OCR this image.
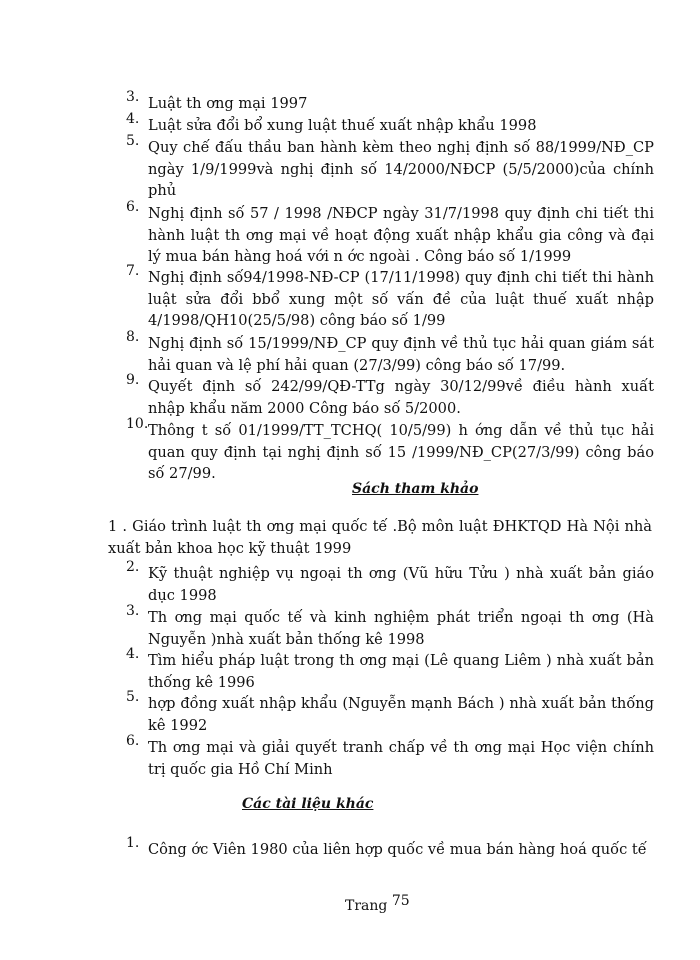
3. Luật th ơng mại 1997
4. Luật sửa đổi bổ xung luật thuế xuất nhập khẩu 1998
5. Quy chế đấu thầu ban hành kèm theo nghị định số 88/1999/NĐ_CP ngày 1/9/1999và nghị định số 14/2000/NĐCP (5/5/2000)của chính phủ
6. Nghị định số 57 / 1998 /NĐCP ngày 31/7/1998 quy định chi tiết thi hành luật th ơng mại về hoạt động xuất nhập khẩu gia công và đại lý mua bán hàng hoá với n ớc ngoài . Công báo số 1/1999
7. Nghị định số94/1998-NĐ-CP (17/11/1998) quy định chi tiết thi hành luật sửa đổi bbổ xung một số vấn đề của luật thuế xuất nhập 4/1998/QH10(25/5/98) công báo số 1/99
8. Nghị định số 15/1999/NĐ_CP quy định về thủ tục hải quan giám sát hải quan và lệ phí hải quan (27/3/99) công báo số 17/99.
9. Quyết định số 242/99/QĐ-TTg ngày 30/12/99về điều hành xuất nhập khẩu năm 2000 Công báo số 5/2000.
10. Thông t số 01/1999/TT_TCHQ( 10/5/99) h ớng dẫn về thủ tục hải quan quy định tại nghị định số 15 /1999/NĐ_CP(27/3/99) công báo số 27/99.
Sách tham khảo
1 . Giáo trình luật th ơng mại quốc tế .Bộ môn luật ĐHKTQD Hà Nội nhà xuất bản khoa học kỹ thuật 1999
2. Kỹ thuật nghiệp vụ ngoại th ơng (Vũ hữu Tửu ) nhà xuất bản giáo dục 1998
3. Th ơng mại quốc tế và kinh nghiệm phát triển ngoại th ơng (Hà Nguyễn )nhà xuất bản thống kê 1998
4. Tìm hiểu pháp luật trong th ơng mại (Lê quang Liêm ) nhà xuất bản thống kê 1996
5. hợp đồng xuất nhập khẩu (Nguyễn mạnh Bách ) nhà xuất bản thống kê 1992
6. Th ơng mại và giải quyết tranh chấp về th ơng mại Học viện chính trị quốc gia Hồ Chí Minh
Các tài liệu khác
1. Công ớc Viên 1980 của liên hợp quốc về mua bán hàng hoá quốc tế
Trang 75
